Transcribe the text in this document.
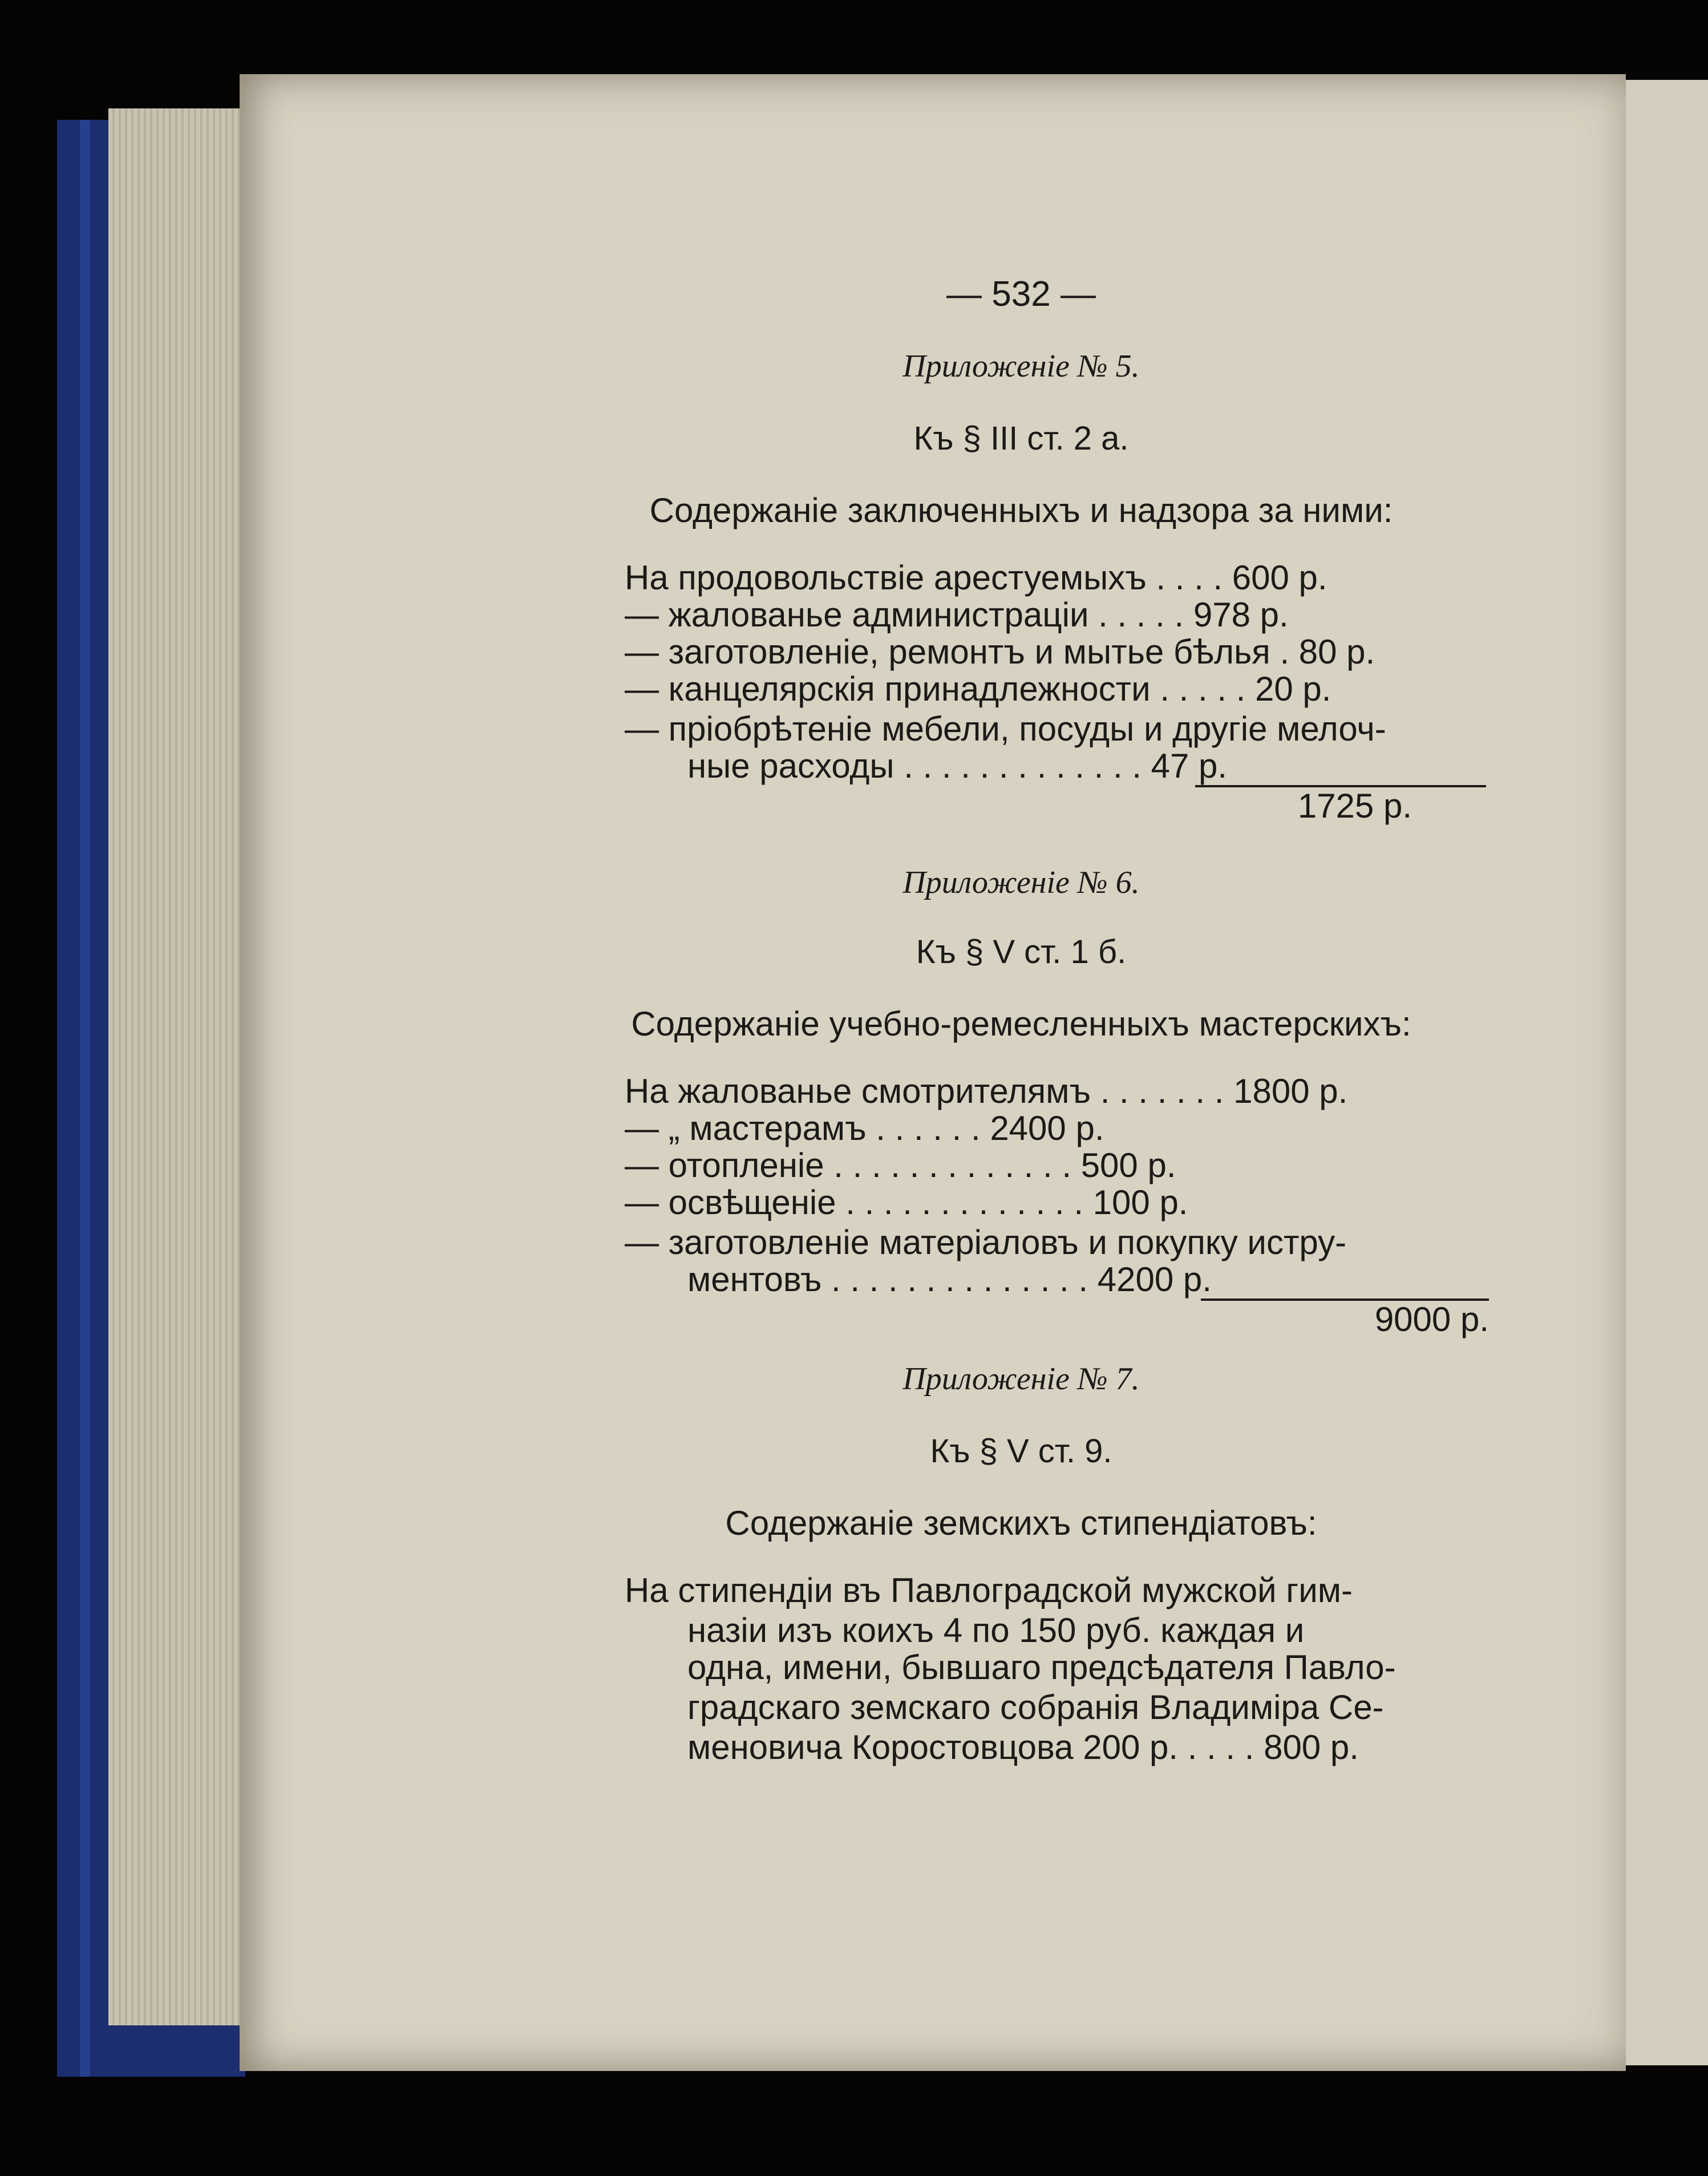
— 532 —
Приложеніе № 5.
Къ § III ст. 2 а.
Содержаніе заключенныхъ и надзора за ними:
На продовольствіе арестуемыхъ . . . . 600 р.
— жалованье администраціи . . . . . 978 р.
— заготовленіе, ремонтъ и мытье бѣлья . 80 р.
— канцелярскія принадлежности . . . . . 20 р.
— пріобрѣтеніе мебели, посуды и другіе мелоч-
ные расходы . . . . . . . . . . . . . 47 р.
1725 р.
Приложеніе № 6.
Къ § V ст. 1 б.
Содержаніе учебно-ремесленныхъ мастерскихъ:
На жалованье смотрителямъ . . . . . . . 1800 р.
— „ мастерамъ . . . . . . 2400 р.
— отопленіе . . . . . . . . . . . . . 500 р.
— освѣщеніе . . . . . . . . . . . . . 100 р.
— заготовленіе матеріаловъ и покупку истру-
ментовъ . . . . . . . . . . . . . . 4200 р.
9000 р.
Приложеніе № 7.
Къ § V ст. 9.
Содержаніе земскихъ стипендіатовъ:
На стипендіи въ Павлоградской мужской гим-
назіи изъ коихъ 4 по 150 руб. каждая и
одна, имени, бывшаго предсѣдателя Павло-
градскаго земскаго собранія Владиміра Се-
меновича Коростовцова 200 р. . . . . 800 р.
